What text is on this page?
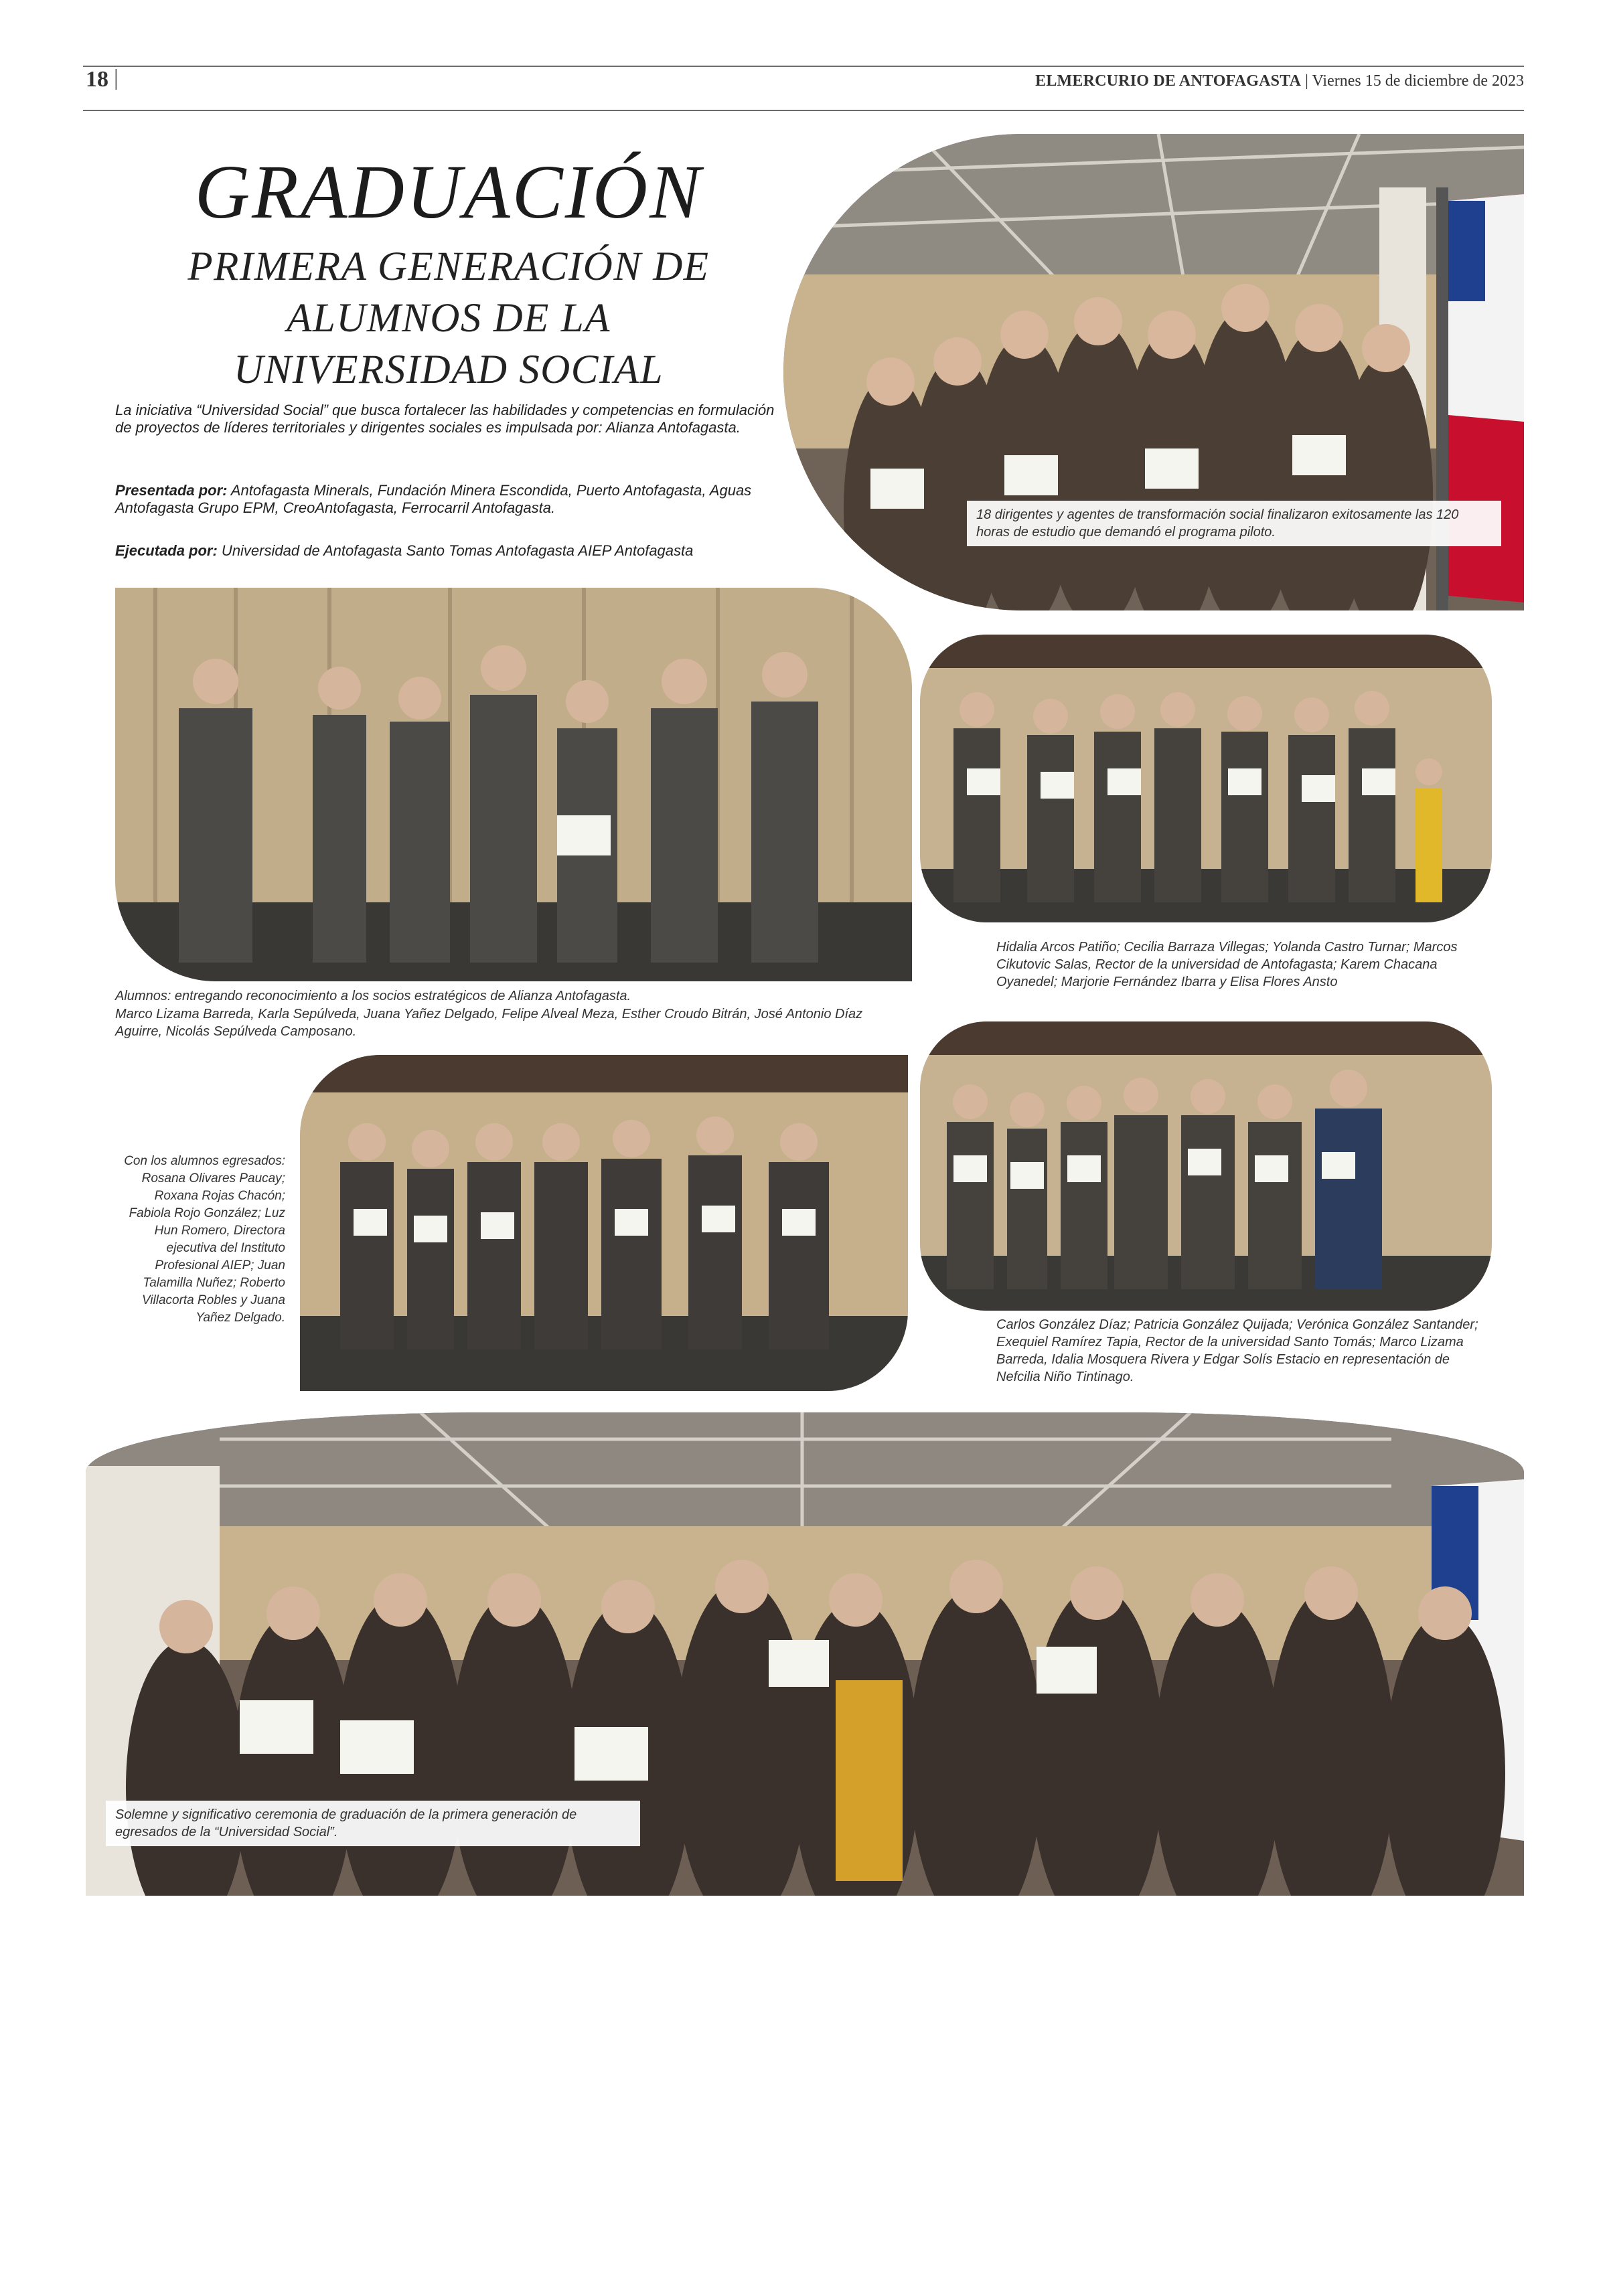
18 |	ELMERCURIO DE ANTOFAGASTA | Viernes 15 de diciembre de 2023
GRADUACIÓN
PRIMERA GENERACIÓN DE
ALUMNOS DE LA
UNIVERSIDAD SOCIAL
La iniciativa “Universidad Social” que busca fortalecer las habilidades y competencias en formulación de proyectos de líderes territoriales y dirigentes sociales es impulsada por: Alianza Antofagasta.
Presentada por: Antofagasta Minerals, Fundación Minera Escondida, Puerto Antofagasta, Aguas Antofagasta Grupo EPM, CreoAntofagasta, Ferrocarril Antofagasta.
Ejecutada por: Universidad de Antofagasta Santo Tomas Antofagasta AIEP Antofagasta
18 dirigentes y agentes de transformación social finalizaron exitosamente las 120 horas de estudio que demandó el programa piloto.
Alumnos: entregando reconocimiento a los socios estratégicos de Alianza Antofagasta.
Marco Lizama Barreda, Karla Sepúlveda, Juana Yañez Delgado, Felipe Alveal Meza, Esther Croudo Bitrán, José Antonio Díaz Aguirre, Nicolás Sepúlveda Camposano.
Hidalia Arcos Patiño; Cecilia Barraza Villegas; Yolanda Castro Turnar; Marcos Cikutovic Salas, Rector de la universidad de Antofagasta; Karem Chacana Oyanedel; Marjorie Fernández Ibarra y Elisa Flores Ansto
Con los alumnos egresados: Rosana Olivares Paucay; Roxana Rojas Chacón; Fabiola Rojo González; Luz Hun Romero, Directora ejecutiva del Instituto Profesional AIEP; Juan Talamilla Nuñez; Roberto Villacorta Robles y Juana Yañez Delgado.	Carlos González Díaz; Patricia González Quijada; Verónica González Santander; Exequiel Ramírez Tapia, Rector de la universidad Santo Tomás; Marco Lizama Barreda, Idalia Mosquera Rivera y Edgar Solís Estacio en representación de Nefcilia Niño Tintinago.
Solemne y significativo ceremonia de graduación de la primera generación de egresados de la “Universidad Social”.
